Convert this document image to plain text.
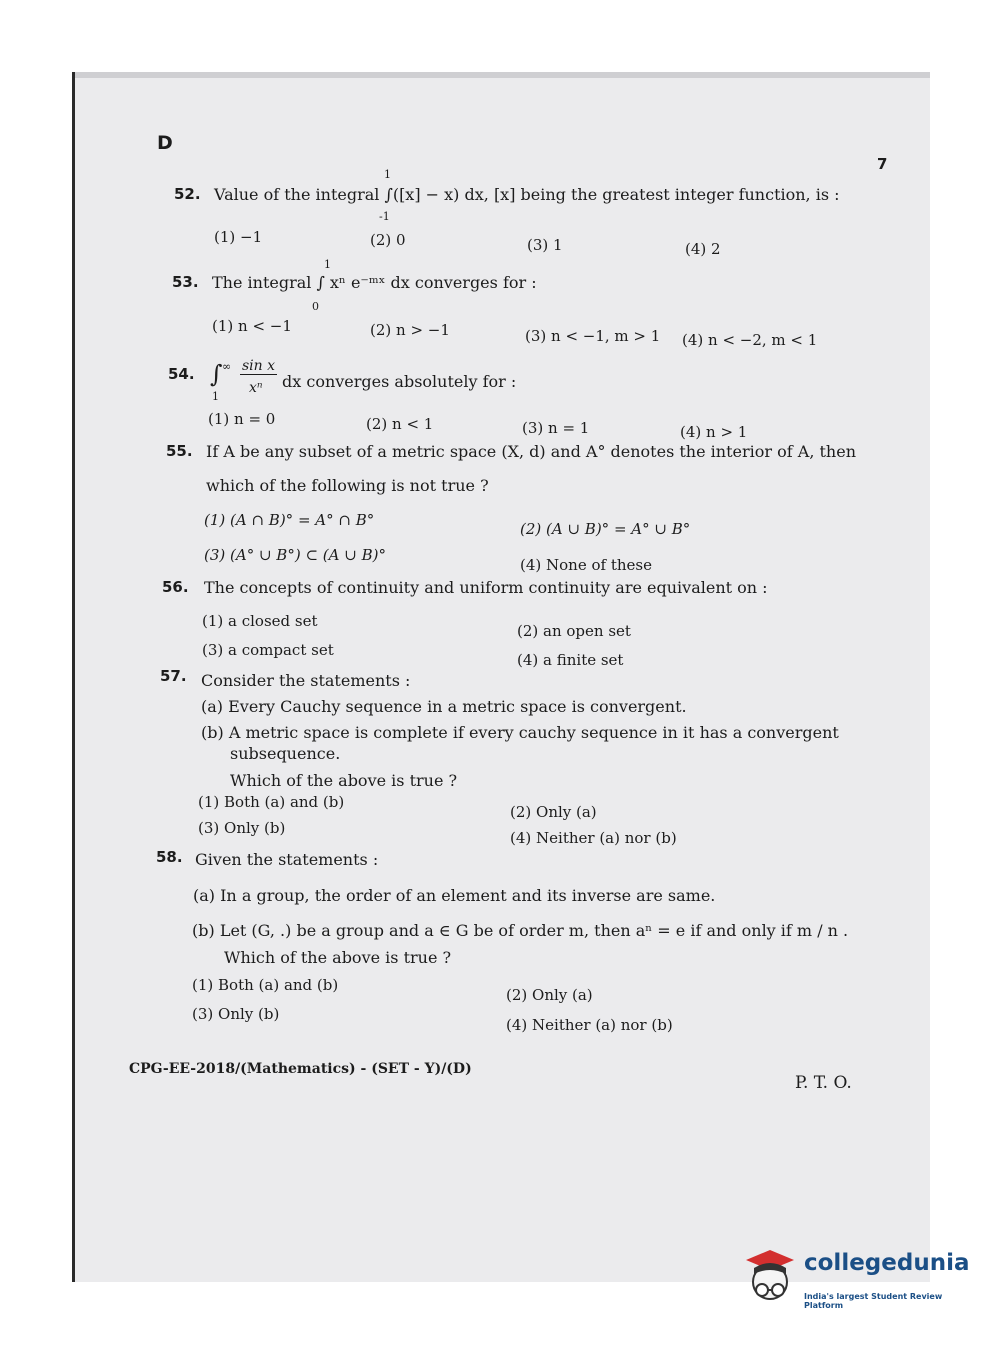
D
7
52.
1
-1
Value of the integral ∫([x] − x) dx, [x] being the greatest integer function, is :
(1) −1	(2) 0	(3) 1	(4) 2
53.
1
0
The integral ∫ xⁿ e⁻ᵐˣ dx converges for :
(1) n < −1	(2) n > −1	(3) n < −1, m > 1 (4) n < −2, m < 1
54. ∫ ∞
1
sin x
xⁿ dx converges absolutely for :
(1) n = 0	(2) n < 1	(3) n = 1	(4) n > 1
55. If A be any subset of a metric space (X, d) and A° denotes the interior of A, then
which of the following is not true ?
(1) (A ∩ B)° = A° ∩ B°	(2) (A ∪ B)° = A° ∪ B°
(3) (A° ∪ B°) ⊂ (A ∪ B)°
(4) None of these
56. The concepts of continuity and uniform continuity are equivalent on :
(1) a closed set
(2) an open set
(3) a compact set
(4) a finite set
57. Consider the statements :
(a) Every Cauchy sequence in a metric space is convergent.
(b) A metric space is complete if every cauchy sequence in it has a convergent
subsequence.
Which of the above is true ?
(1) Both (a) and (b)
(2) Only (a)
(3) Only (b)
(4) Neither (a) nor (b)
58. Given the statements :
(a) In a group, the order of an element and its inverse are same.
(b) Let (G, .) be a group and a ∈ G be of order m, then aⁿ = e if and only if m / n .
Which of the above is true ?
(1) Both (a) and (b)
(2) Only (a)
(3) Only (b)
(4) Neither (a) nor (b)
CPG-EE-2018/(Mathematics) - (SET - Y)/(D)
P. T. O.
collegedunia
India's largest Student Review Platform
